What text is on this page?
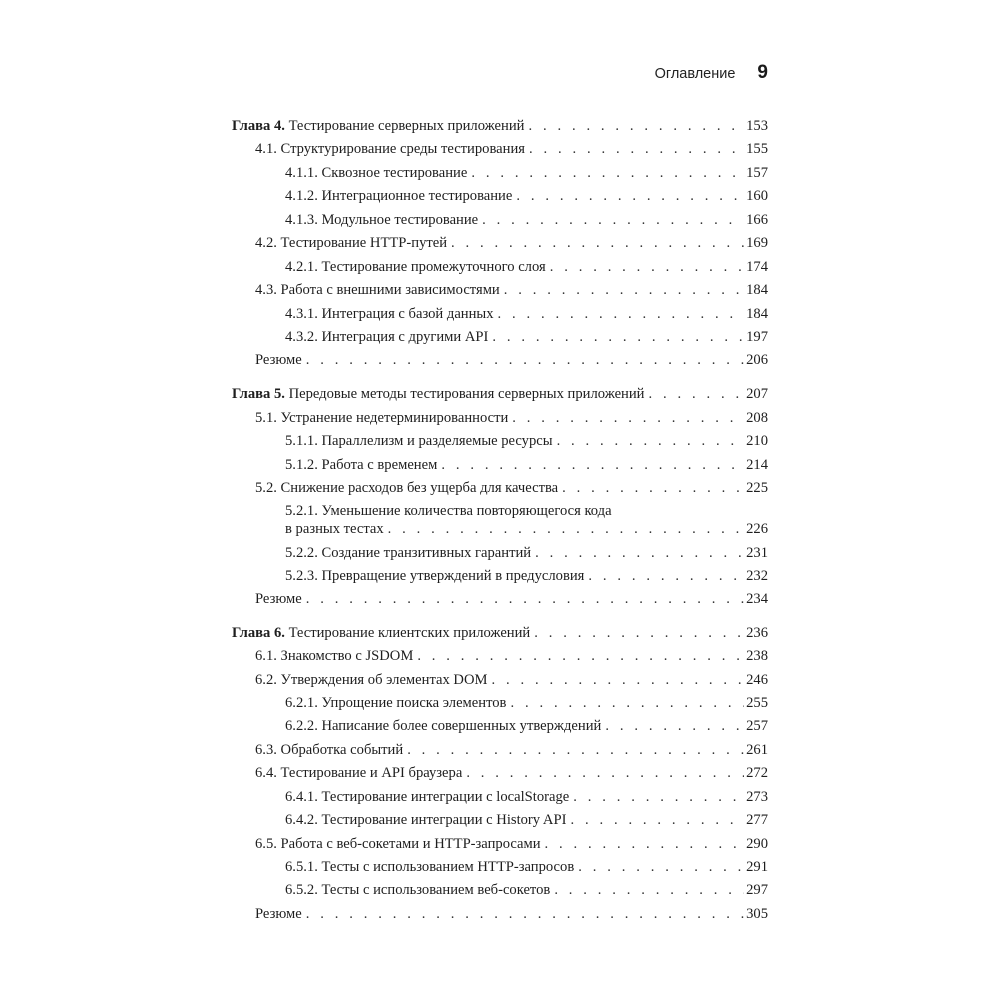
Оглавление 9
Глава 4. Тестирование серверных приложений . . .	153
4.1. Структурирование среды тестирования . . .	155
4.1.1. Сквозное тестирование . . .	157
4.1.2. Интеграционное тестирование . . .	160
4.1.3. Модульное тестирование . . .	166
4.2. Тестирование HTTP-путей . . .	169
4.2.1. Тестирование промежуточного слоя . . .	174
4.3. Работа с внешними зависимостями . . .	184
4.3.1. Интеграция с базой данных . . .	184
4.3.2. Интеграция с другими API . . .	197
Резюме . . .	206
Глава 5. Передовые методы тестирования серверных приложений . . .	207
5.1. Устранение недетерминированности . . .	208
5.1.1. Параллелизм и разделяемые ресурсы . . .	210
5.1.2. Работа с временем . . .	214
5.2. Снижение расходов без ущерба для качества . . .	225
5.2.1. Уменьшение количества повторяющегося кода
в разных тестах . . .	226
5.2.2. Создание транзитивных гарантий . . .	231
5.2.3. Превращение утверждений в предусловия . . .	232
Резюме . . .	234
Глава 6. Тестирование клиентских приложений . . .	236
6.1. Знакомство с JSDOM . . .	238
6.2. Утверждения об элементах DOM . . .	246
6.2.1. Упрощение поиска элементов . . .	255
6.2.2. Написание более совершенных утверждений . . .	257
6.3. Обработка событий . . .	261
6.4. Тестирование и API браузера . . .	272
6.4.1. Тестирование интеграции с localStorage . . .	273
6.4.2. Тестирование интеграции с History API . . .	277
6.5. Работа с веб-сокетами и HTTP-запросами . . .	290
6.5.1. Тесты с использованием HTTP-запросов . . .	291
6.5.2. Тесты с использованием веб-сокетов . . .	297
Резюме . . .	305
